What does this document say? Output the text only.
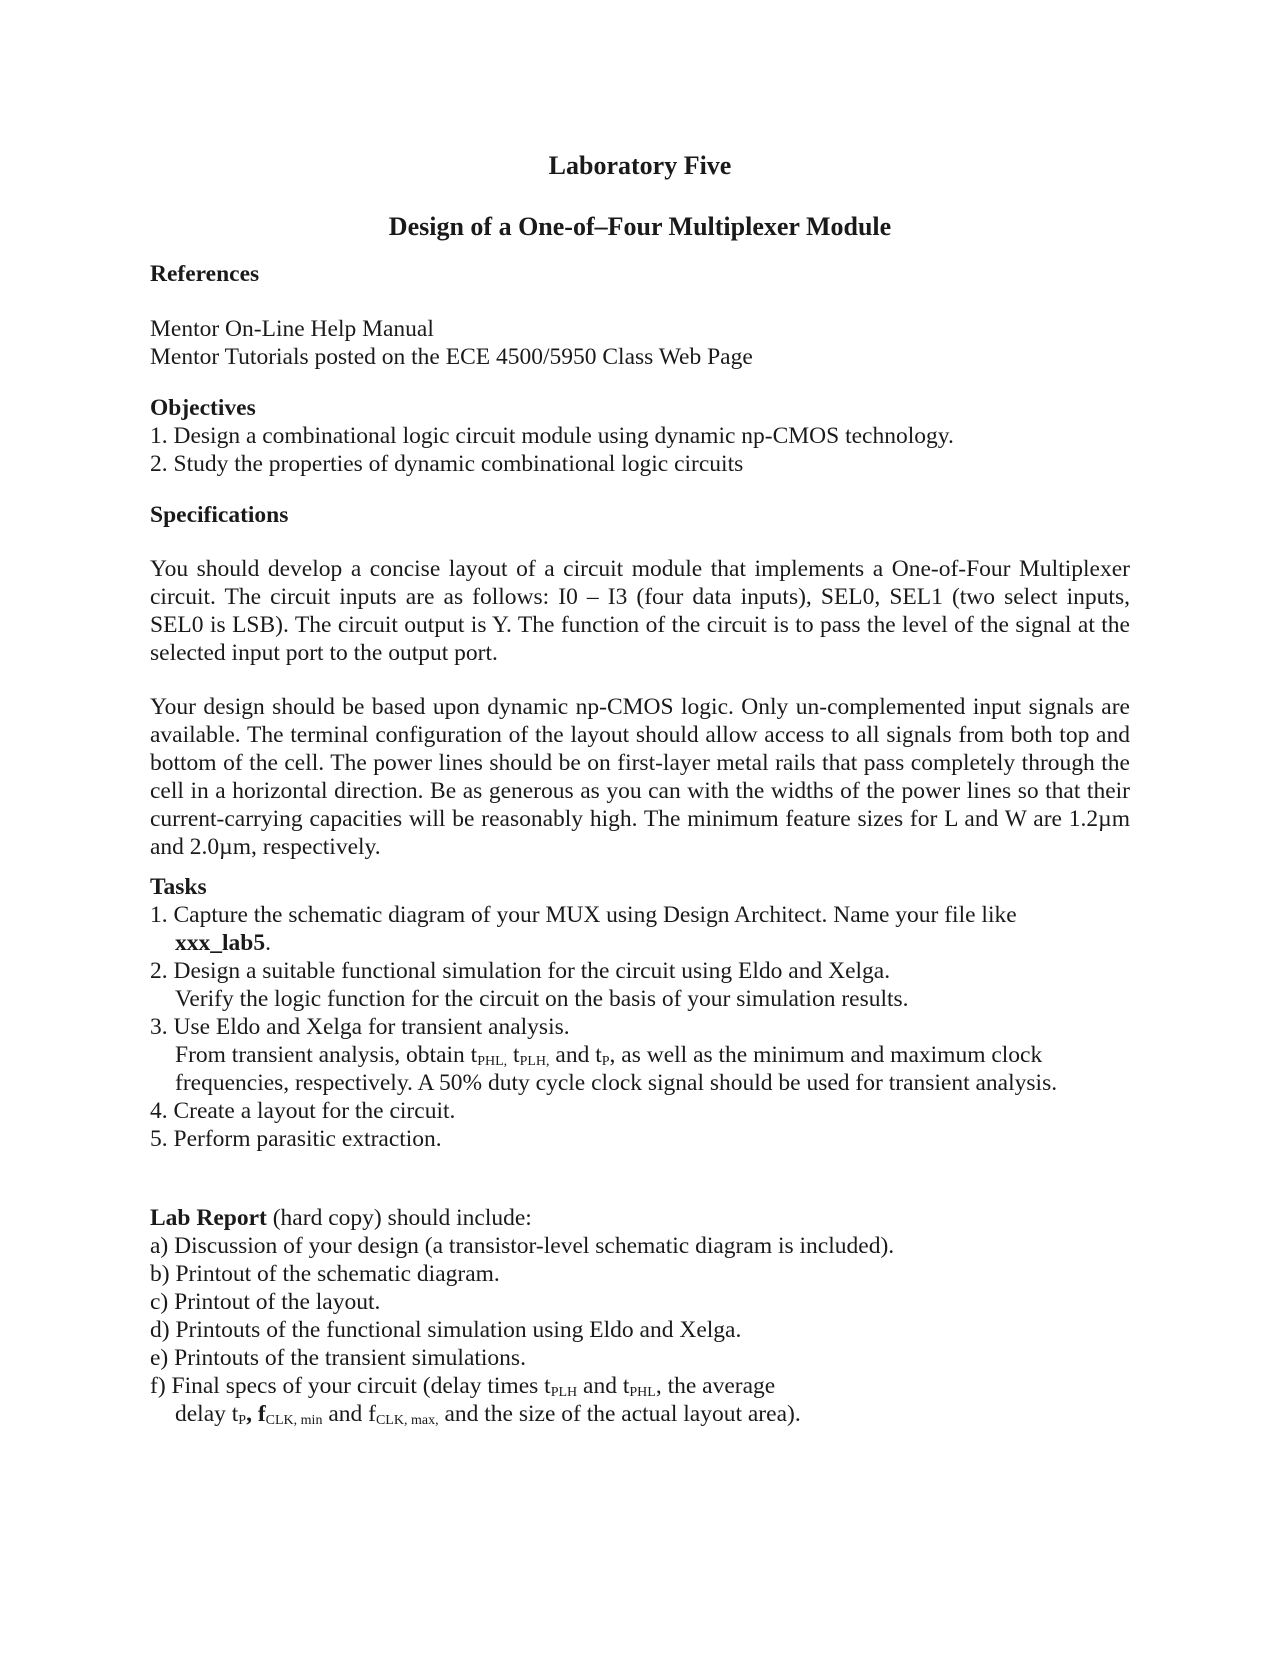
Laboratory Five

Design of a One-of–Four Multiplexer Module

References

Mentor On-Line Help Manual

Mentor Tutorials posted on the ECE 4500/5950 Class Web Page

Objectives

1. Design a combinational logic circuit module using dynamic np-CMOS technology.

2. Study the properties of dynamic combinational logic circuits

Specifications

You should develop a concise layout of a circuit module that implements a One-of-Four Multiplexer circuit. The circuit inputs are as follows: I0 – I3 (four data inputs), SEL0, SEL1 (two select inputs, SEL0 is LSB). The circuit output is Y. The function of the circuit is to pass the level of the signal at the selected input port to the output port.

Your design should be based upon dynamic np-CMOS logic. Only un-complemented input signals are available. The terminal configuration of the layout should allow access to all signals from both top and bottom of the cell. The power lines should be on first-layer metal rails that pass completely through the cell in a horizontal direction. Be as generous as you can with the widths of the power lines so that their current-carrying capacities will be reasonably high. The minimum feature sizes for L and W are 1.2µm and 2.0µm, respectively.

Tasks

1. Capture the schematic diagram of your MUX using Design Architect. Name your file like

xxx_lab5.

2. Design a suitable functional simulation for the circuit using Eldo and Xelga.

Verify the logic function for the circuit on the basis of your simulation results.

3. Use Eldo and Xelga for transient analysis.

From transient analysis, obtain $t_{PHL,}$ $t_{PLH,}$ and $t_P$, as well as the minimum and maximum clock

frequencies, respectively. A 50% duty cycle clock signal should be used for transient analysis.

4. Create a layout for the circuit.

5. Perform parasitic extraction.

Lab Report (hard copy) should include:

a) Discussion of your design (a transistor-level schematic diagram is included).

b) Printout of the schematic diagram.

c) Printout of the layout.

d) Printouts of the functional simulation using Eldo and Xelga.

e) Printouts of the transient simulations.

f) Final specs of your circuit (delay times $t_{PLH}$ and $t_{PHL}$, the average

delay $t_P$, $f_{CLK, min}$ and $f_{CLK, max,}$ and the size of the actual layout area).
